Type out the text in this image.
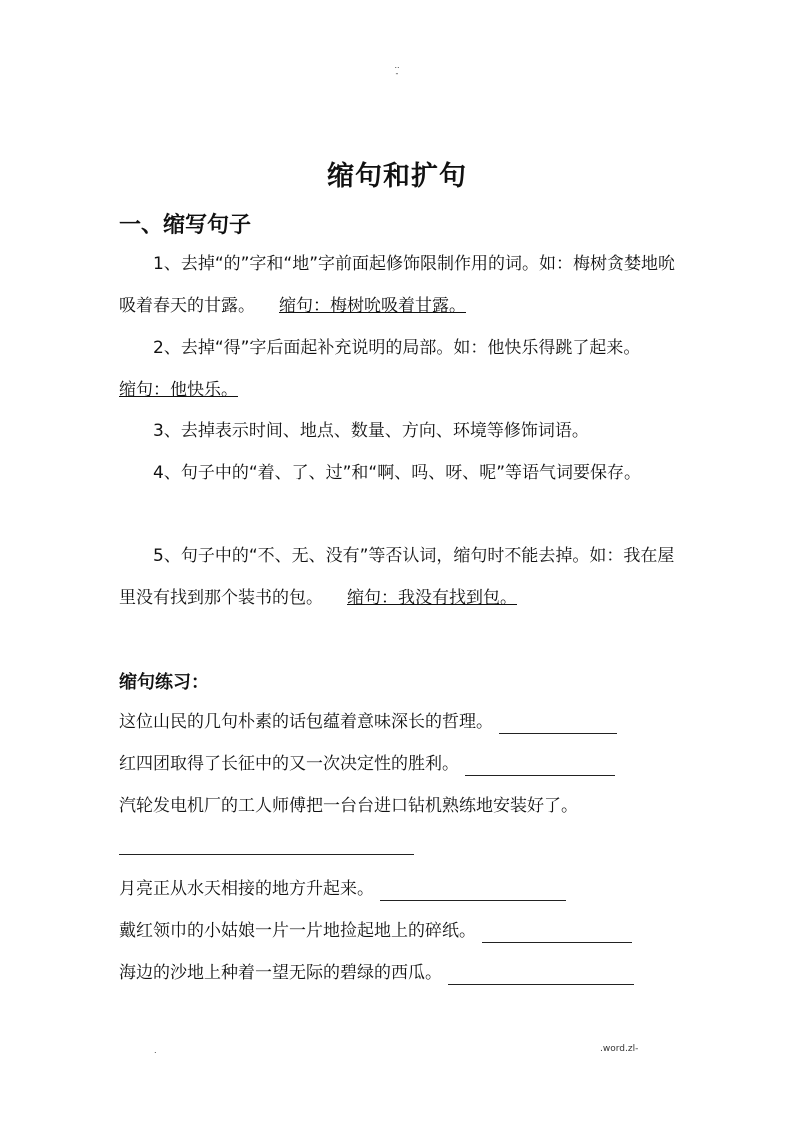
..
-
缩句和扩句
一、缩写句子
1、去掉“的”字和“地”字前面起修饰限制作用的词。如：梅树贪婪地吮吸着春天的甘露。 缩句：梅树吮吸着甘露。
2、去掉“得”字后面起补充说明的局部。如：他快乐得跳了起来。缩句：他快乐。
3、去掉表示时间、地点、数量、方向、环境等修饰词语。
4、句子中的“着、了、过”和“啊、吗、呀、呢”等语气词要保存。
5、句子中的“不、无、没有”等否认词，缩句时不能去掉。如：我在屋里没有找到那个装书的包。 缩句：我没有找到包。
缩句练习：
这位山民的几句朴素的话包蕴着意味深长的哲理。
红四团取得了长征中的又一次决定性的胜利。
汽轮发电机厂的工人师傅把一台台进口钻机熟练地安装好了。
月亮正从水天相接的地方升起来。
戴红领巾的小姑娘一片一片地捡起地上的碎纸。
海边的沙地上种着一望无际的碧绿的西瓜。
.	.word.zl-
